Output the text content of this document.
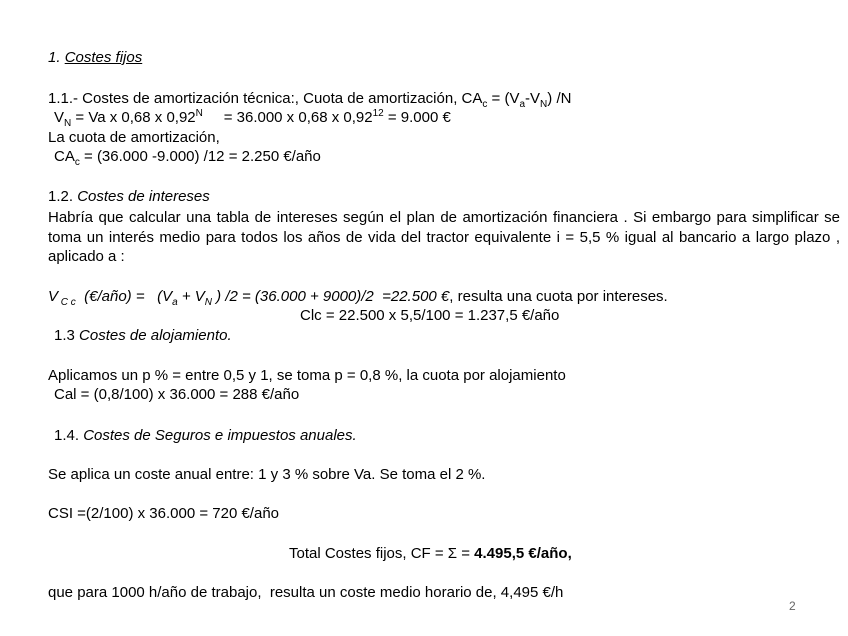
1. Costes fijos
1.1.- Costes de amortización técnica:, Cuota de amortización, $CA_c = (V_a-V_N)$ /N
$V_N = Va$ x 0,68 x $0,92^N$     = 36.000 x 0,68 x $0,92^{12} = 9.000$ €
La cuota de amortización,
$CA_c = (36.000$ -9.000) /12 = 2.250 €/año
1.2. Costes de intereses
Habría que calcular una tabla de intereses según el plan de amortización financiera . Si embargo para simplificar se toma un interés medio para todos los años de vida del tractor equivalente i = 5,5 % igual al bancario a largo plazo , aplicado a :
V $_{C c}$  (€/año) =   ($V_a + V_N$ ) /2 = (36.000 + 9000)/2  =22.500 €, resulta una cuota por intereses.
Clc = 22.500 x 5,5/100 = 1.237,5 €/año
1.3 Costes de alojamiento.
Aplicamos un p % = entre 0,5 y 1, se toma p = 0,8 %, la cuota por alojamiento
Cal = (0,8/100) x 36.000 = 288 €/año
1.4. Costes de Seguros e impuestos anuales.
Se aplica un coste anual entre: 1 y 3 % sobre Va. Se toma el 2 %.
CSI =(2/100) x 36.000 = 720 €/año
Total Costes fijos, CF = Σ = 4.495,5 €/año,
que para 1000 h/año de trabajo,  resulta un coste medio horario de, 4,495 €/h
2
